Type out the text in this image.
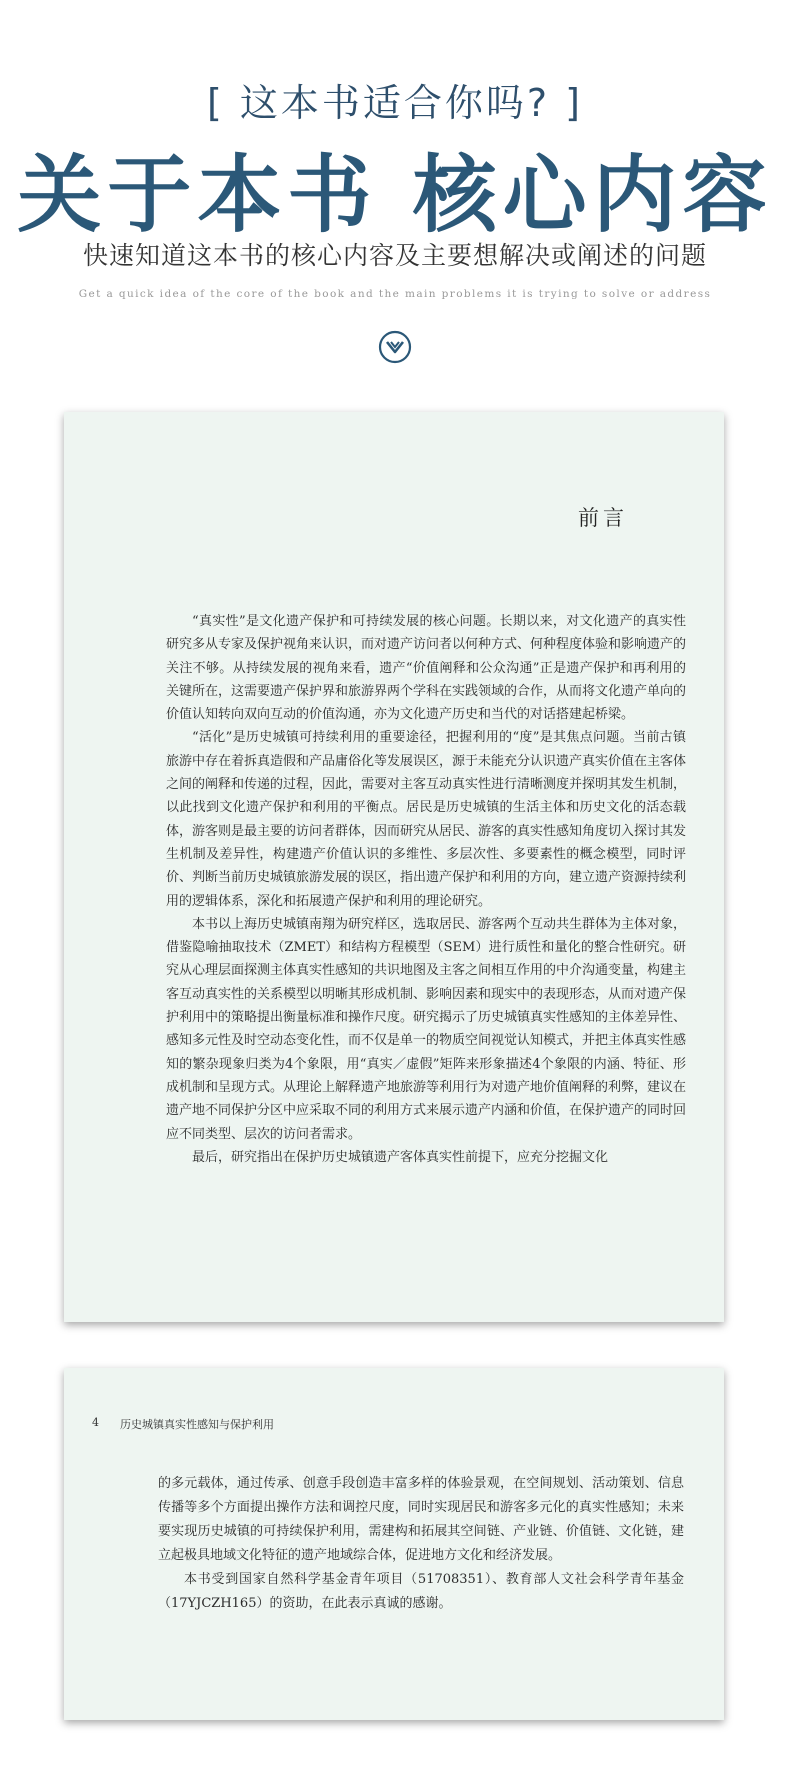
[ 这本书适合你吗? ]
关于本书 核心内容
快速知道这本书的核心内容及主要想解决或阐述的问题
Get a quick idea of the core of the book and the main problems it is trying to solve or address
前言

“真实性”是文化遗产保护和可持续发展的核心问题。长期以来，对文化遗产的真实性研究多从专家及保护视角来认识，而对遗产访问者以何种方式、何种程度体验和影响遗产的关注不够。从持续发展的视角来看，遗产“价值阐释和公众沟通”正是遗产保护和再利用的关键所在，这需要遗产保护界和旅游界两个学科在实践领域的合作，从而将文化遗产单向的价值认知转向双向互动的价值沟通，亦为文化遗产历史和当代的对话搭建起桥梁。

“活化”是历史城镇可持续利用的重要途径，把握利用的“度”是其焦点问题。当前古镇旅游中存在着拆真造假和产品庸俗化等发展误区，源于未能充分认识遗产真实价值在主客体之间的阐释和传递的过程，因此，需要对主客互动真实性进行清晰测度并探明其发生机制，以此找到文化遗产保护和利用的平衡点。居民是历史城镇的生活主体和历史文化的活态载体，游客则是最主要的访问者群体，因而研究从居民、游客的真实性感知角度切入探讨其发生机制及差异性，构建遗产价值认识的多维性、多层次性、多要素性的概念模型，同时评价、判断当前历史城镇旅游发展的误区，指出遗产保护和利用的方向，建立遗产资源持续利用的逻辑体系，深化和拓展遗产保护和利用的理论研究。

本书以上海历史城镇南翔为研究样区，选取居民、游客两个互动共生群体为主体对象，借鉴隐喻抽取技术（ZMET）和结构方程模型（SEM）进行质性和量化的整合性研究。研究从心理层面探测主体真实性感知的共识地图及主客之间相互作用的中介沟通变量，构建主客互动真实性的关系模型以明晰其形成机制、影响因素和现实中的表现形态，从而对遗产保护利用中的策略提出衡量标准和操作尺度。研究揭示了历史城镇真实性感知的主体差异性、感知多元性及时空动态变化性，而不仅是单一的物质空间视觉认知模式，并把主体真实性感知的繁杂现象归类为4个象限，用“真实／虚假”矩阵来形象描述4个象限的内涵、特征、形成机制和呈现方式。从理论上解释遗产地旅游等利用行为对遗产地价值阐释的利弊，建议在遗产地不同保护分区中应采取不同的利用方式来展示遗产内涵和价值，在保护遗产的同时回应不同类型、层次的访问者需求。

最后，研究指出在保护历史城镇遗产客体真实性前提下，应充分挖掘文化

4 历史城镇真实性感知与保护利用

的多元载体，通过传承、创意手段创造丰富多样的体验景观，在空间规划、活动策划、信息传播等多个方面提出操作方法和调控尺度，同时实现居民和游客多元化的真实性感知；未来要实现历史城镇的可持续保护利用，需建构和拓展其空间链、产业链、价值链、文化链，建立起极具地域文化特征的遗产地域综合体，促进地方文化和经济发展。

本书受到国家自然科学基金青年项目（51708351）、教育部人文社会科学青年基金（17YJCZH165）的资助，在此表示真诚的感谢。
